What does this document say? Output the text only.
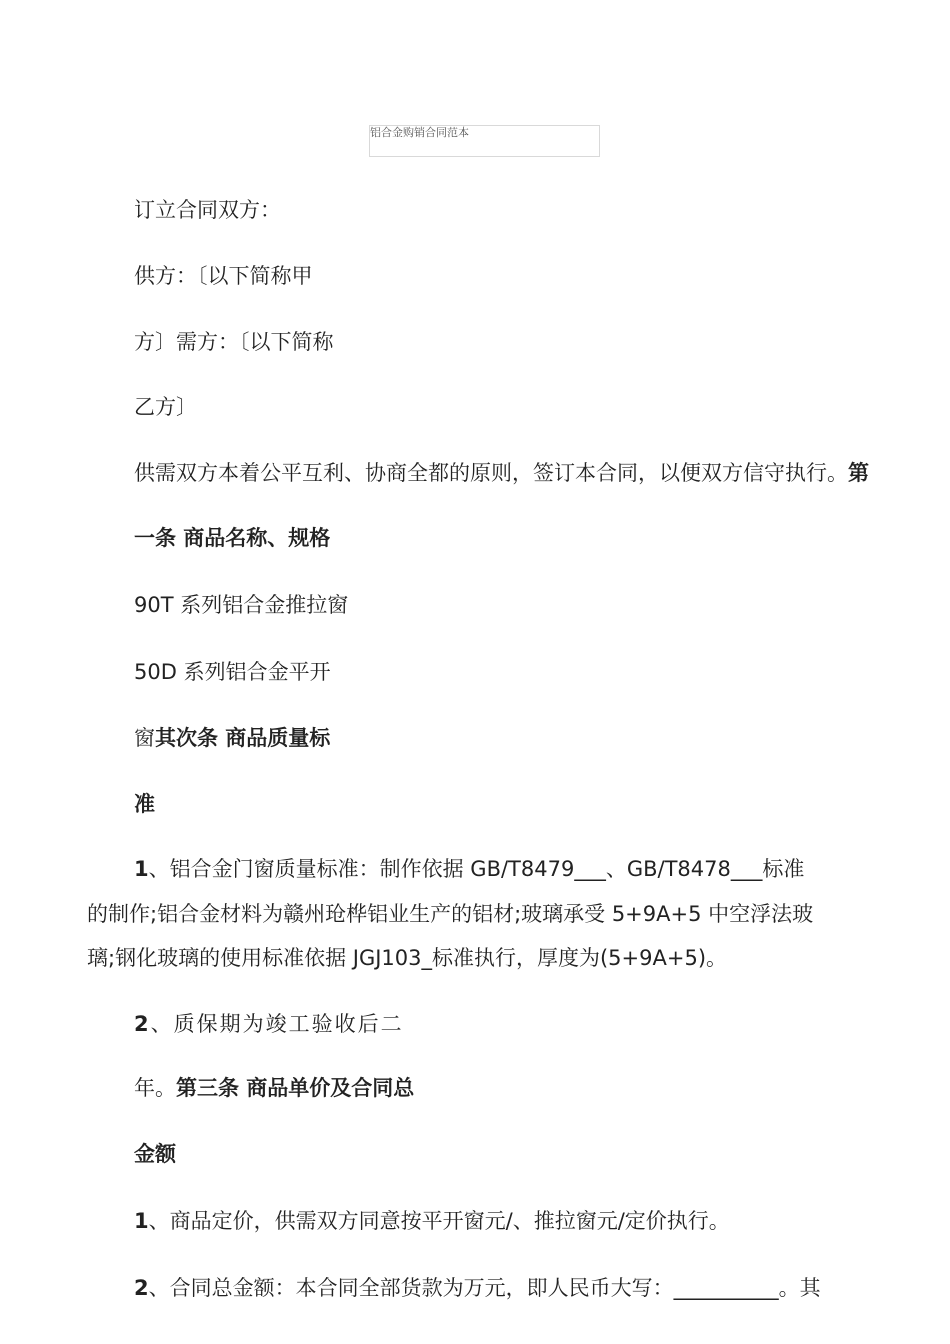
铝合金购销合同范本
订立合同双方：
供方：〔以下简称甲
方〕需方：〔以下简称
乙方〕
供需双方本着公平互利、协商全都的原则，签订本合同，以便双方信守执行。第
一条 商品名称、规格
90T 系列铝合金推拉窗
50D 系列铝合金平开
窗其次条 商品质量标
准
1、铝合金门窗质量标准：制作依据 GB/T8479___、GB/T8478___标准
的制作;铝合金材料为赣州玱桦铝业生产的铝材;玻璃承受 5+9A+5 中空浮法玻
璃;钢化玻璃的使用标准依据 JGJ103_标准执行，厚度为(5+9A+5)。
2、质保期为竣工验收后二
年。第三条 商品单价及合同总
金额
1、商品定价，供需双方同意按平开窗元/、推拉窗元/定价执行。
2、合同总金额：本合同全部货款为万元，即人民币大写：__________。其
